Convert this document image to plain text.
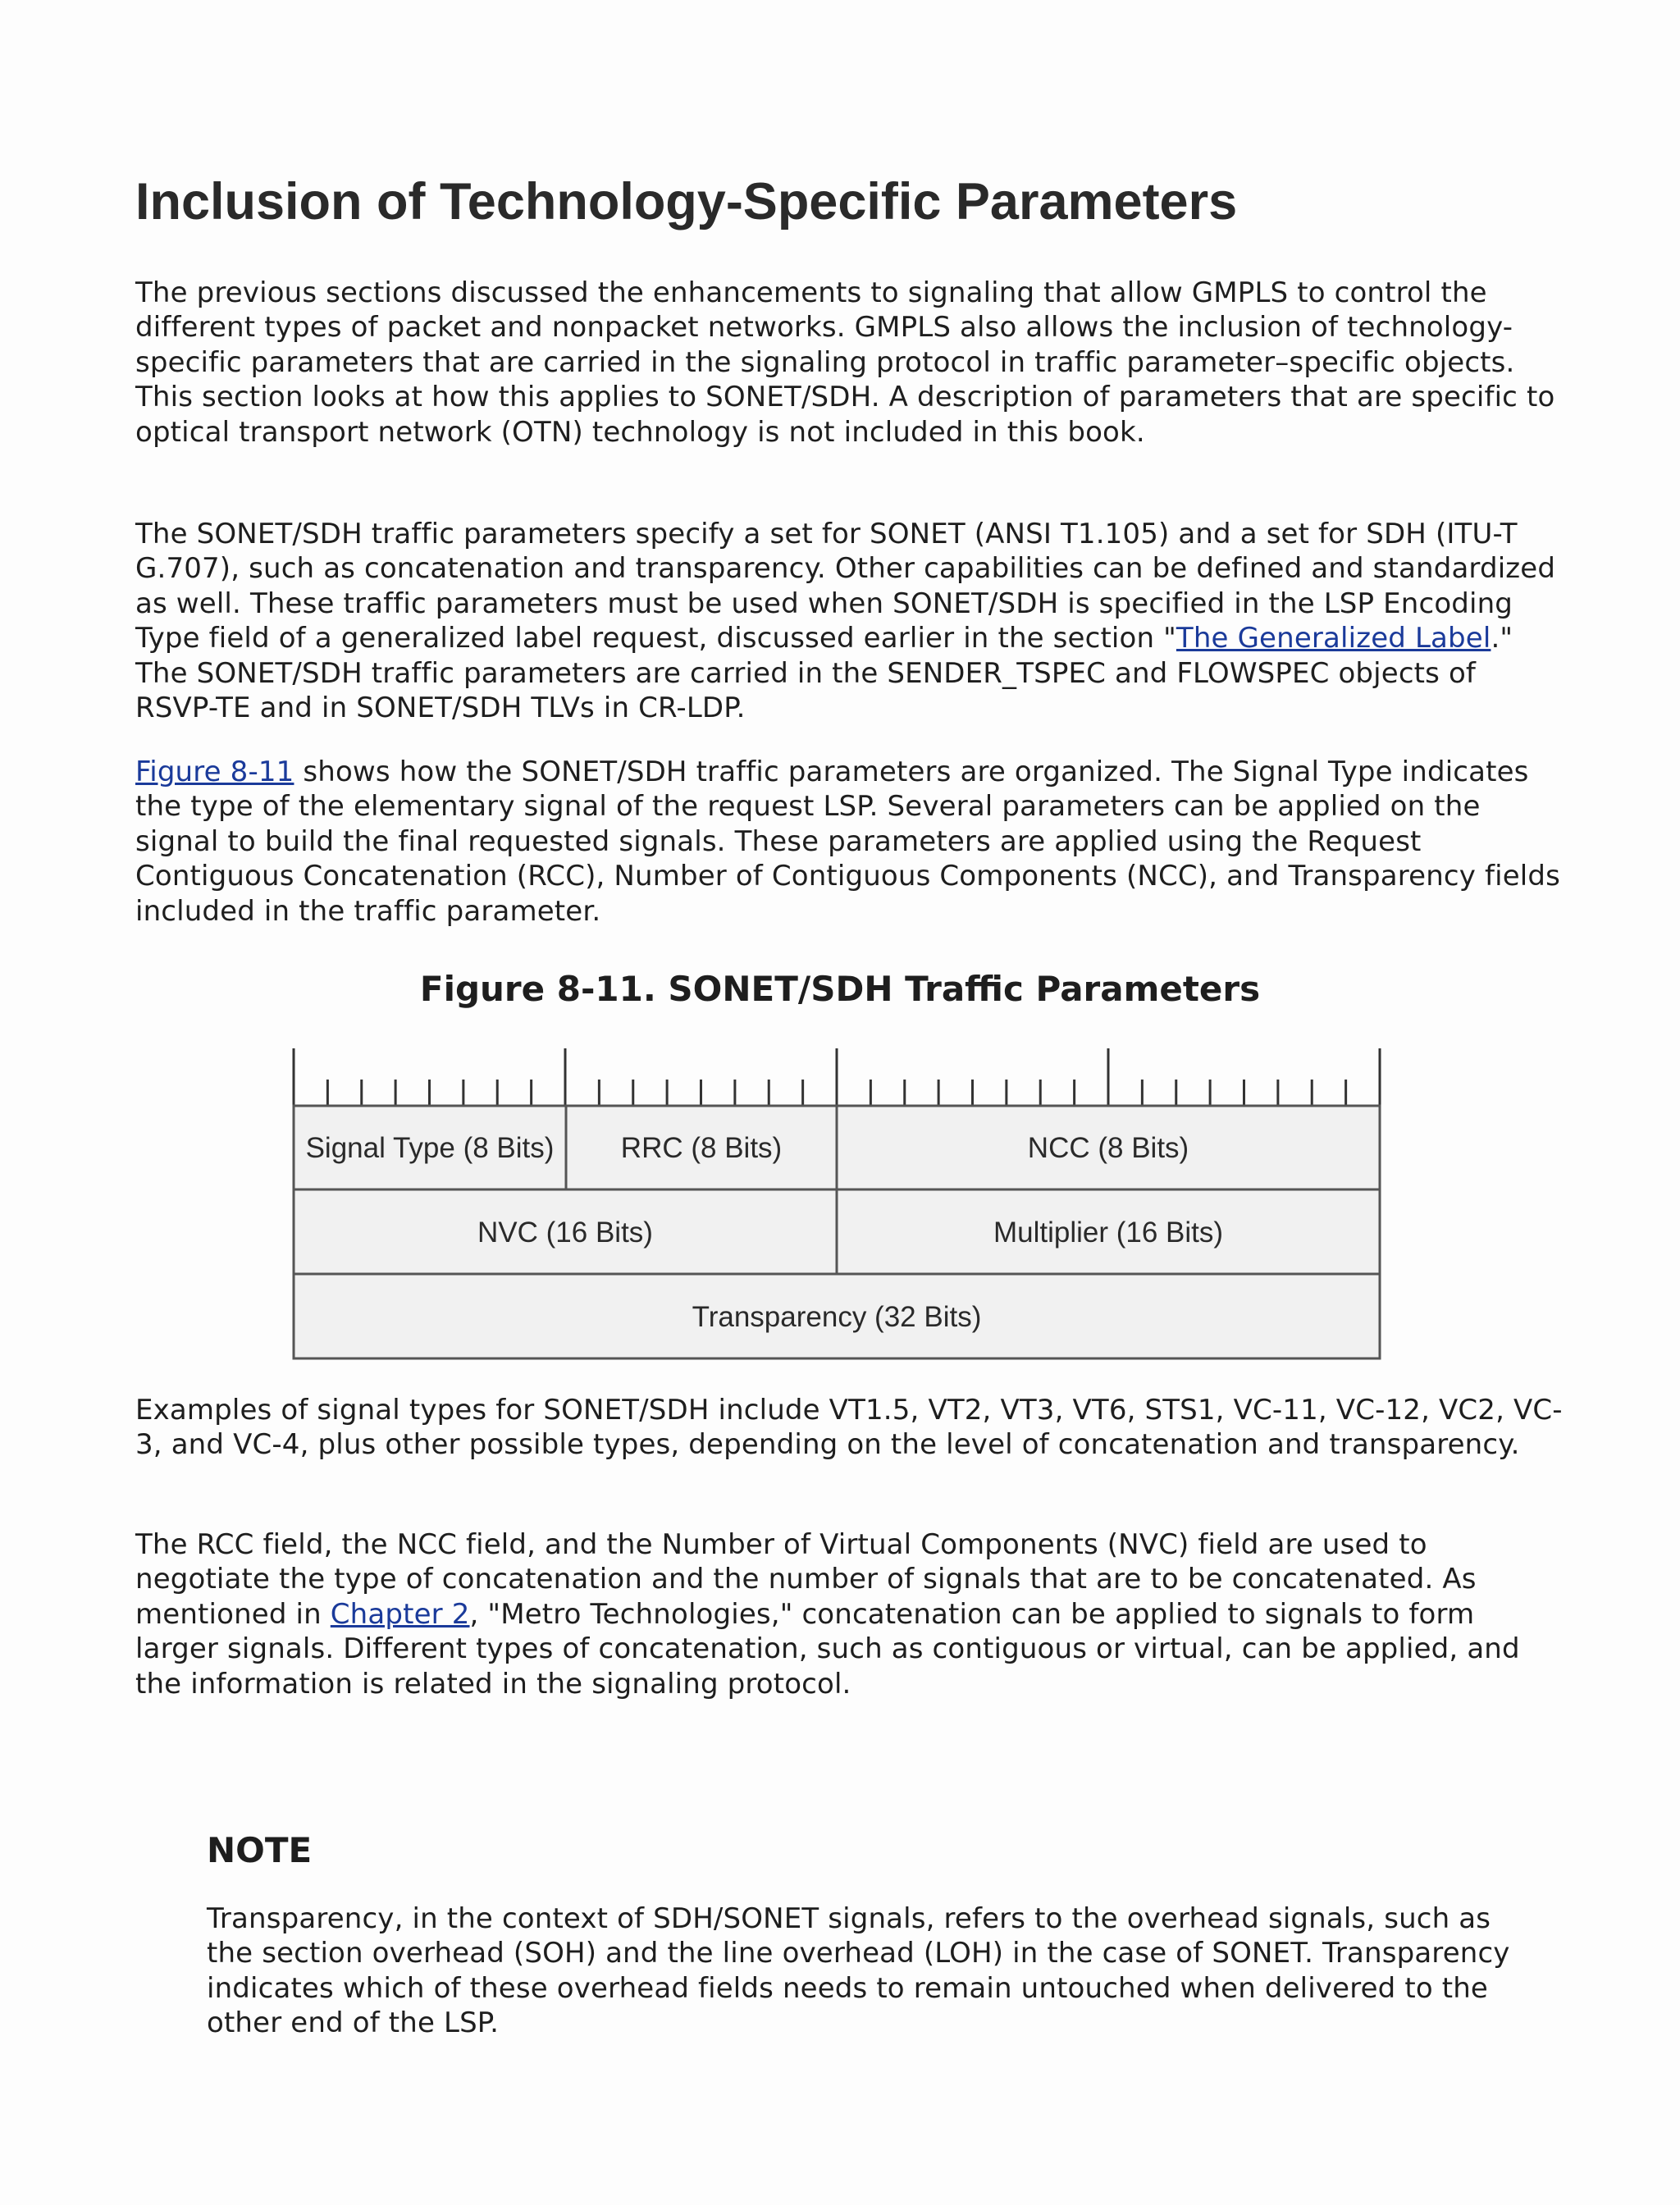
Inclusion of Technology-Specific Parameters

The previous sections discussed the enhancements to signaling that allow GMPLS to control the different types of packet and nonpacket networks. GMPLS also allows the inclusion of technology-specific parameters that are carried in the signaling protocol in traffic parameter–specific objects. This section looks at how this applies to SONET/SDH. A description of parameters that are specific to optical transport network (OTN) technology is not included in this book.

The SONET/SDH traffic parameters specify a set for SONET (ANSI T1.105) and a set for SDH (ITU-T G.707), such as concatenation and transparency. Other capabilities can be defined and standardized as well. These traffic parameters must be used when SONET/SDH is specified in the LSP Encoding Type field of a generalized label request, discussed earlier in the section "The Generalized Label." The SONET/SDH traffic parameters are carried in the SENDER_TSPEC and FLOWSPEC objects of RSVP-TE and in SONET/SDH TLVs in CR-LDP.

Figure 8-11 shows how the SONET/SDH traffic parameters are organized. The Signal Type indicates the type of the elementary signal of the request LSP. Several parameters can be applied on the signal to build the final requested signals. These parameters are applied using the Request Contiguous Concatenation (RCC), Number of Contiguous Components (NCC), and Transparency fields included in the traffic parameter.

Figure 8-11. SONET/SDH Traffic Parameters

Signal Type (8 Bits) RRC (8 Bits)	NCC (8 Bits)
NVC (16 Bits)	Multiplier (16 Bits)
Transparency (32 Bits)

Examples of signal types for SONET/SDH include VT1.5, VT2, VT3, VT6, STS1, VC-11, VC-12, VC2, VC-3, and VC-4, plus other possible types, depending on the level of concatenation and transparency.

The RCC field, the NCC field, and the Number of Virtual Components (NVC) field are used to negotiate the type of concatenation and the number of signals that are to be concatenated. As mentioned in Chapter 2, "Metro Technologies," concatenation can be applied to signals to form larger signals. Different types of concatenation, such as contiguous or virtual, can be applied, and the information is related in the signaling protocol.

NOTE

Transparency, in the context of SDH/SONET signals, refers to the overhead signals, such as the section overhead (SOH) and the line overhead (LOH) in the case of SONET. Transparency indicates which of these overhead fields needs to remain untouched when delivered to the other end of the LSP.
